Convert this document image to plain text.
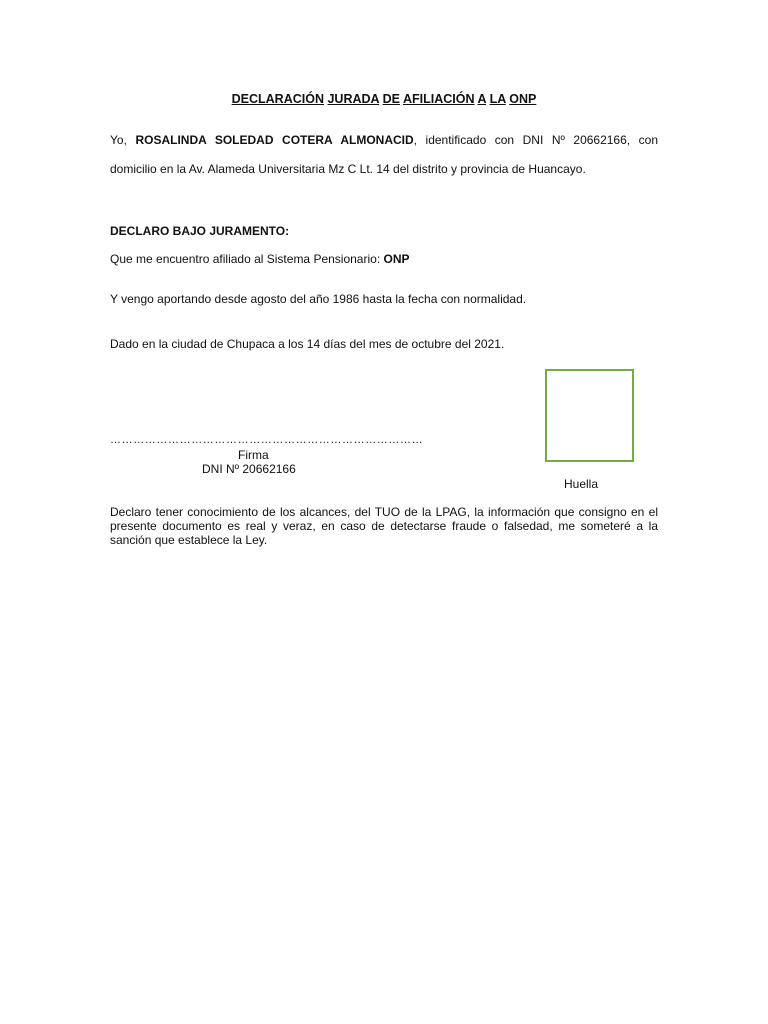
DECLARACIÓN JURADA DE AFILIACIÓN A LA ONP
Yo, ROSALINDA SOLEDAD COTERA ALMONACID, identificado con DNI Nº 20662166, con
domicilio en la Av. Alameda Universitaria Mz C Lt. 14 del distrito y provincia de Huancayo.
DECLARO BAJO JURAMENTO:
Que me encuentro afiliado al Sistema Pensionario: ONP
Y vengo aportando desde agosto del año 1986 hasta la fecha con normalidad.
Dado en la ciudad de Chupaca a los 14 días del mes de octubre del 2021.
………………………………………………………………………
Firma
DNI Nº 20662166
Huella
Declaro tener conocimiento de los alcances, del TUO de la LPAG, la información que consigno en el presente documento es real y veraz, en caso de detectarse fraude o falsedad, me someteré a la sanción que establece la Ley.
